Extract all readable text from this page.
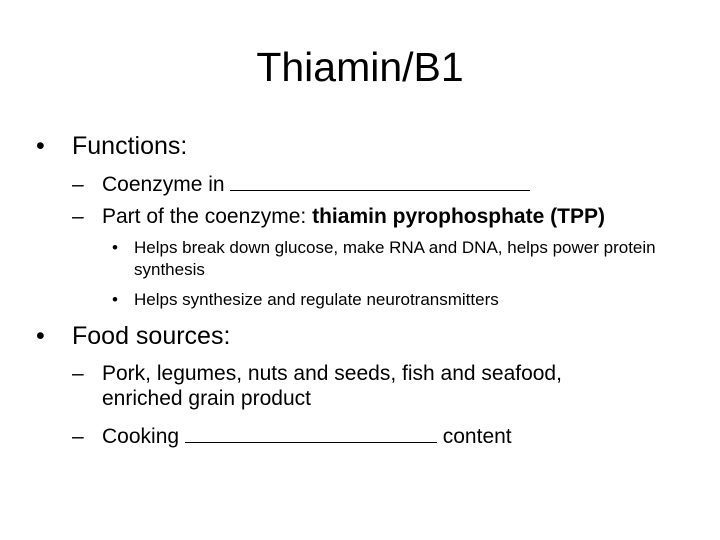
Thiamin/B1
• Functions:
– Coenzyme in
– Part of the coenzyme: thiamin pyrophosphate (TPP)
• Helps break down glucose, make RNA and DNA, helps power protein synthesis
• Helps synthesize and regulate neurotransmitters
• Food sources:
– Pork, legumes, nuts and seeds, fish and seafood, enriched grain product
– Cooking	content
